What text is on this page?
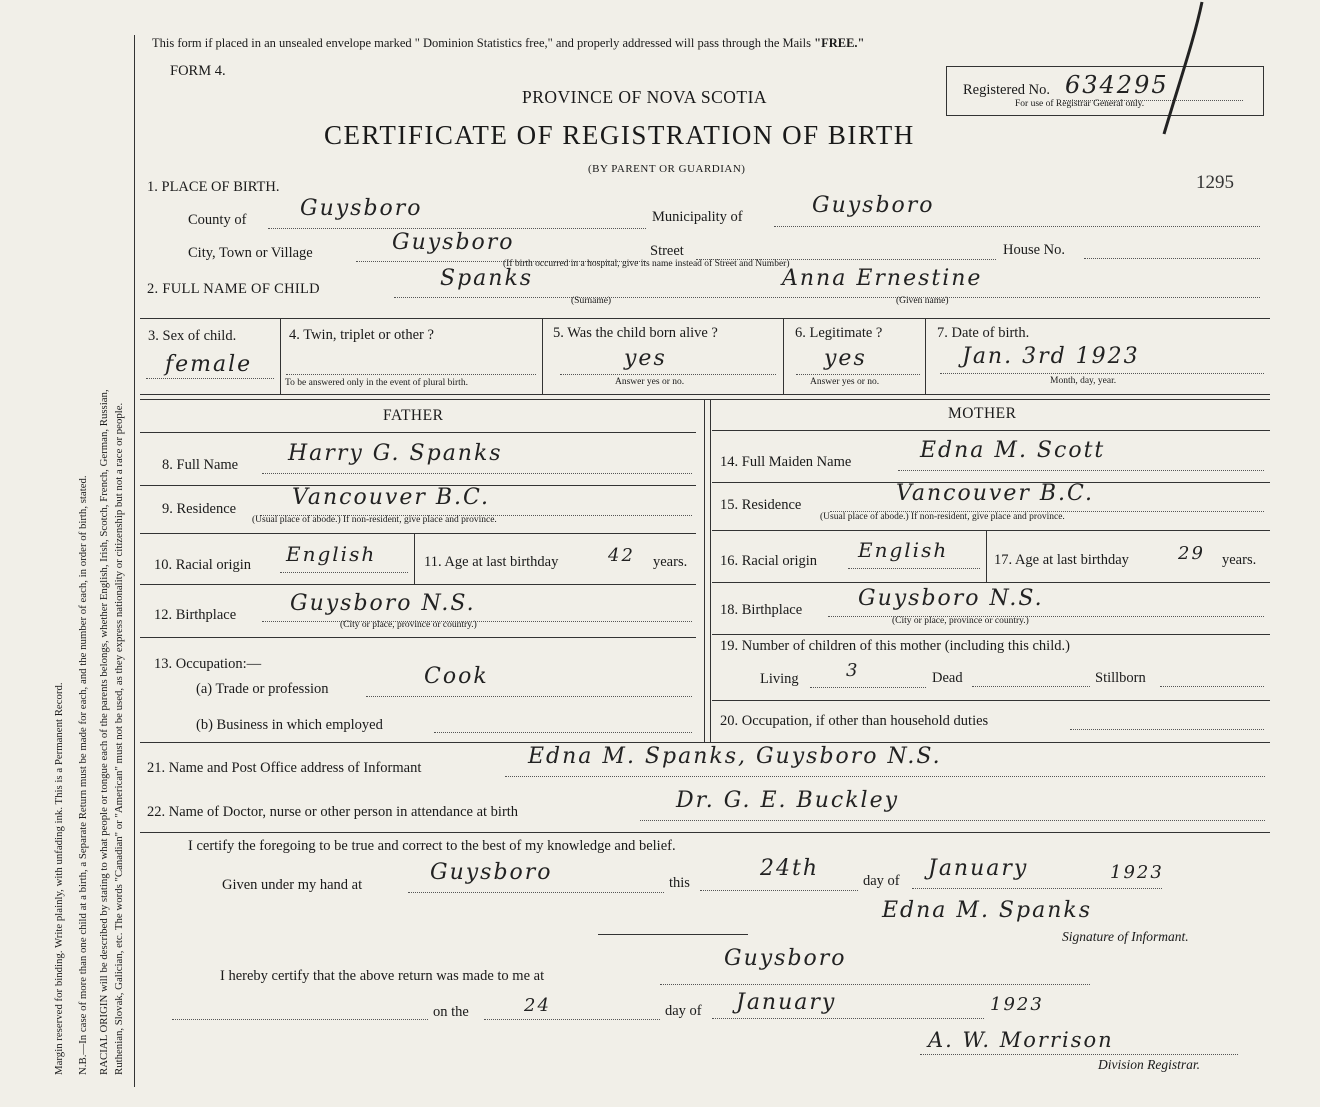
Margin reserved for binding. Write plainly, with unfading ink. This is a Permanent Record. N.B.—In case of more than one child at a birth, a Separate Return must be made for each, and the number of each, in order of birth, stated. RACIAL ORIGIN will be described by stating to what people or tongue each of the parents belongs, whether English, Irish, Scotch, French, German, Russian, Ruthenian, Slovak, Galician, etc. The words "Canadian" or "American" must not be used, as they express nationality or citizenship but not a race or people.
This form if placed in an unsealed envelope marked " Dominion Statistics free," and properly addressed will pass through the Mails "FREE."
FORM 4.
PROVINCE OF NOVA SCOTIA
CERTIFICATE OF REGISTRATION OF BIRTH
(BY PARENT OR GUARDIAN)
Registered No. 634295
For use of Registrar General only.
1295
1. PLACE OF BIRTH.
County of Guysboro	Municipality of	Guysboro
City, Town or Village	Guysboro	Street	House No.
(If birth occurred in a hospital, give its name instead of Street and Number)
2. FULL NAME OF CHILD	Spanks
(Surname)
Anna Ernestine
(Given name)
3. Sex of child.
female
4. Twin, triplet or other ?
To be answered only in the event of plural birth.
5. Was the child born alive ?
yes
Answer yes or no.
6. Legitimate ?
yes
Answer yes or no.
7. Date of birth.
Jan. 3rd 1923
Month, day, year.
FATHER	MOTHER
8. Full Name Harry G. Spanks	14. Full Maiden Name	Edna M. Scott
9. Residence	Vancouver B.C.
(Usual place of abode.) If non-resident, give place and province.
15. Residence	Vancouver B.C.
(Usual place of abode.) If non-resident, give place and province.
10. Racial origin English	11. Age at last birthday	42 years. 16. Racial origin English	17. Age at last birthday	29 years.
12. Birthplace Guysboro N.S.
(City or place, province or country.)
18. Birthplace	Guysboro N.S.
(City or place, province or country.)
13. Occupation:—
(a) Trade or profession	Cook
(b) Business in which employed
19. Number of children of this mother (including this child.)
Living	3	Dead	Stillborn
20. Occupation, if other than household duties
21. Name and Post Office address of Informant	Edna M. Spanks, Guysboro N.S.
22. Name of Doctor, nurse or other person in attendance at birth	Dr. G. E. Buckley
I certify the foregoing to be true and correct to the best of my knowledge and belief.
Given under my hand at	Guysboro	this
24th	day of January	1923
Edna M. Spanks
Signature of Informant.
I hereby certify that the above return was made to me at
Guysboro
on the	24	day of January	1923
A. W. Morrison
Division Registrar.
